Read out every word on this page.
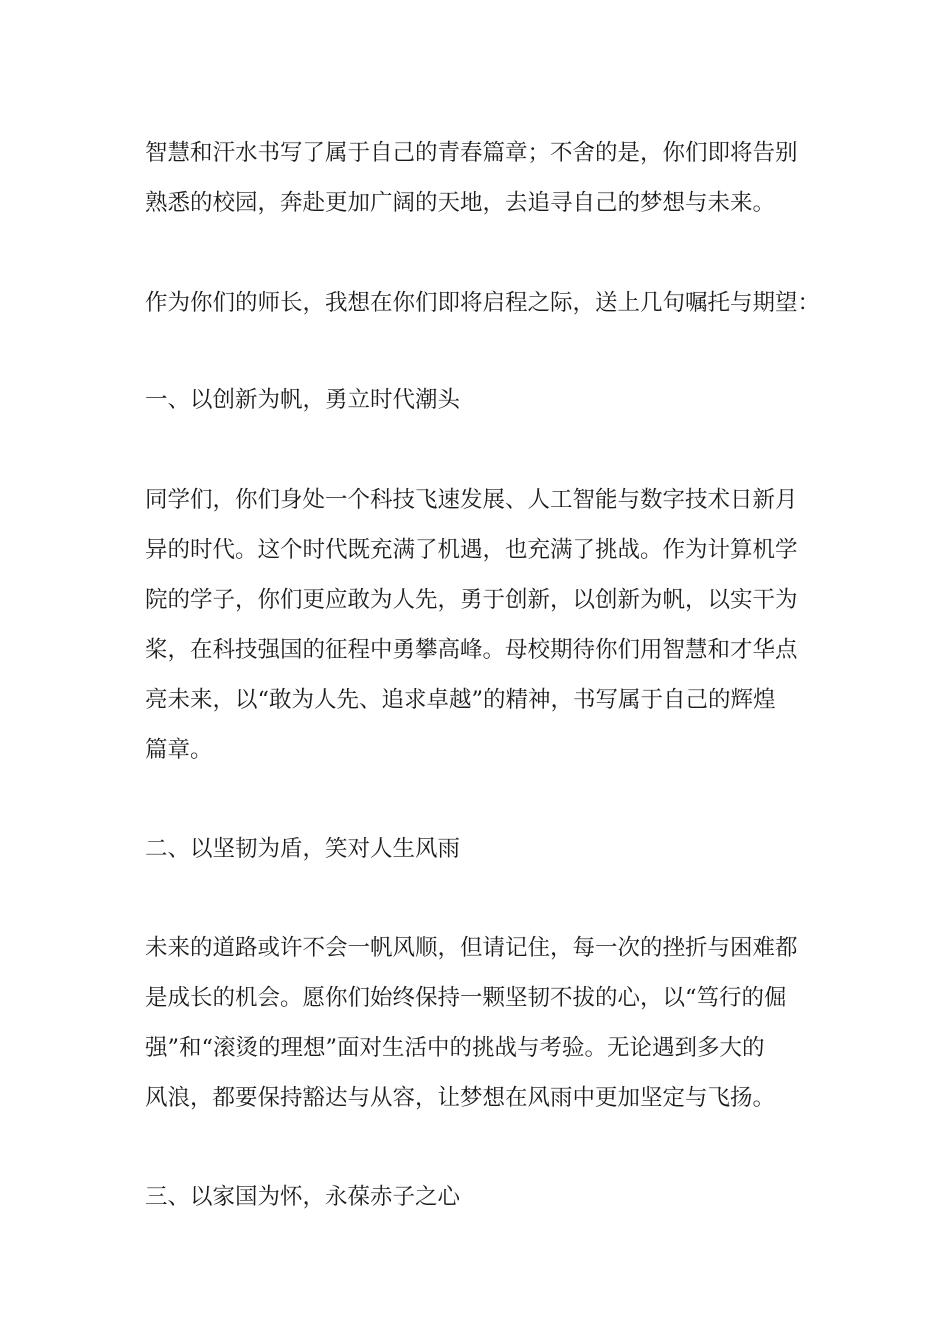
智慧和汗水书写了属于自己的青春篇章；不舍的是，你们即将告别
熟悉的校园，奔赴更加广阔的天地，去追寻自己的梦想与未来。

作为你们的师长，我想在你们即将启程之际，送上几句嘱托与期望：

一、以创新为帆，勇立时代潮头

同学们，你们身处一个科技飞速发展、人工智能与数字技术日新月
异的时代。这个时代既充满了机遇，也充满了挑战。作为计算机学
院的学子，你们更应敢为人先，勇于创新，以创新为帆，以实干为
桨，在科技强国的征程中勇攀高峰。母校期待你们用智慧和才华点
亮未来，以“敢为人先、追求卓越”的精神，书写属于自己的辉煌
篇章。

二、以坚韧为盾，笑对人生风雨

未来的道路或许不会一帆风顺，但请记住，每一次的挫折与困难都
是成长的机会。愿你们始终保持一颗坚韧不拔的心，以“笃行的倔
强”和“滚烫的理想”面对生活中的挑战与考验。无论遇到多大的
风浪，都要保持豁达与从容，让梦想在风雨中更加坚定与飞扬。

三、以家国为怀，永葆赤子之心
